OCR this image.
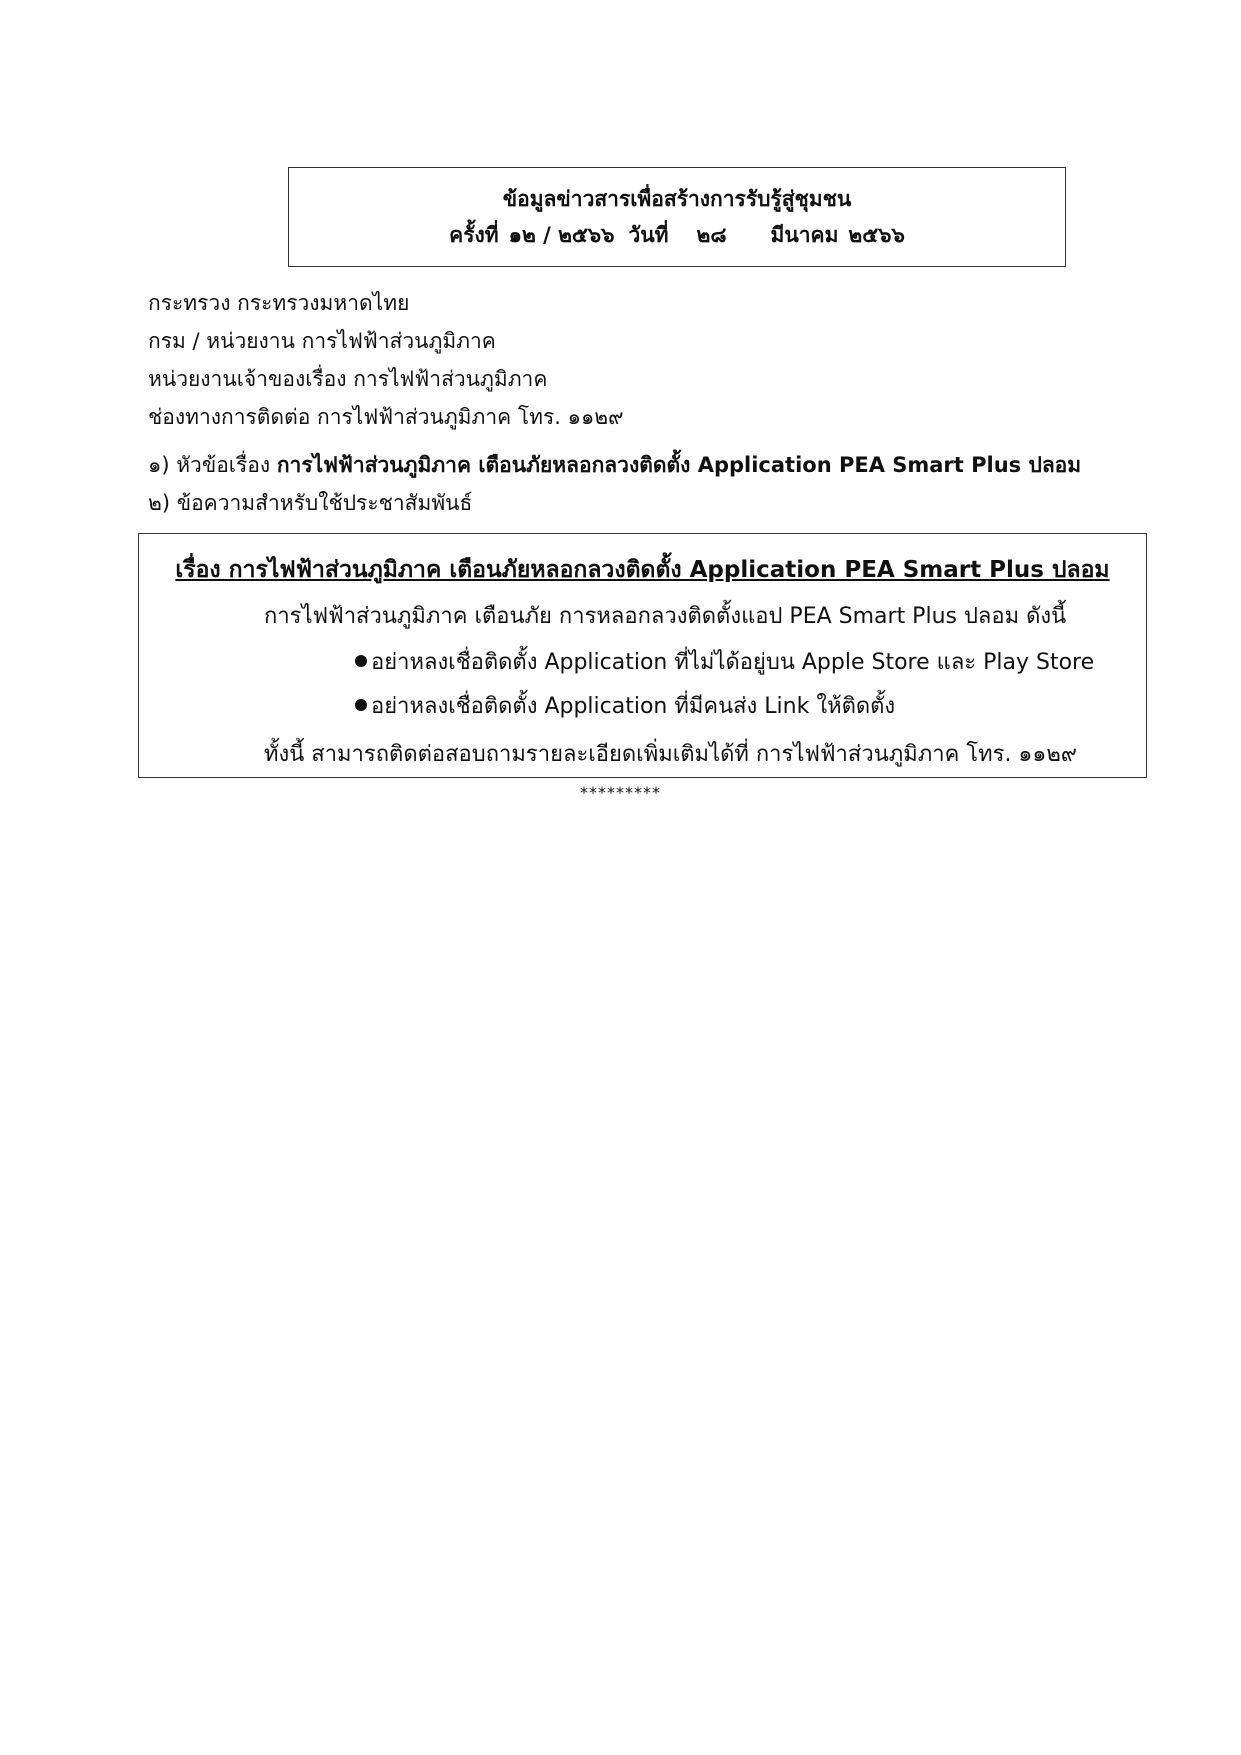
ข้อมูลข่าวสารเพื่อสร้างการรับรู้สู่ชุมชน
ครั้งที่ ๑๒ / ๒๕๖๖ วันที่ ๒๘ มีนาคม ๒๕๖๖
กระทรวง กระทรวงมหาดไทย
กรม / หน่วยงาน การไฟฟ้าส่วนภูมิภาค
หน่วยงานเจ้าของเรื่อง การไฟฟ้าส่วนภูมิภาค
ช่องทางการติดต่อ การไฟฟ้าส่วนภูมิภาค โทร. ๑๑๒๙
๑) หัวข้อเรื่อง การไฟฟ้าส่วนภูมิภาค เตือนภัยหลอกลวงติดตั้ง Application PEA Smart Plus ปลอม
๒) ข้อความสำหรับใช้ประชาสัมพันธ์
เรื่อง การไฟฟ้าส่วนภูมิภาค เตือนภัยหลอกลวงติดตั้ง Application PEA Smart Plus ปลอม
การไฟฟ้าส่วนภูมิภาค เตือนภัย การหลอกลวงติดตั้งแอป PEA Smart Plus ปลอม ดังนี้
อย่าหลงเชื่อติดตั้ง Application ที่ไม่ได้อยู่บน Apple Store และ Play Store
อย่าหลงเชื่อติดตั้ง Application ที่มีคนส่ง Link ให้ติดตั้ง
ทั้งนี้ สามารถติดต่อสอบถามรายละเอียดเพิ่มเติมได้ที่ การไฟฟ้าส่วนภูมิภาค โทร. ๑๑๒๙
*********
